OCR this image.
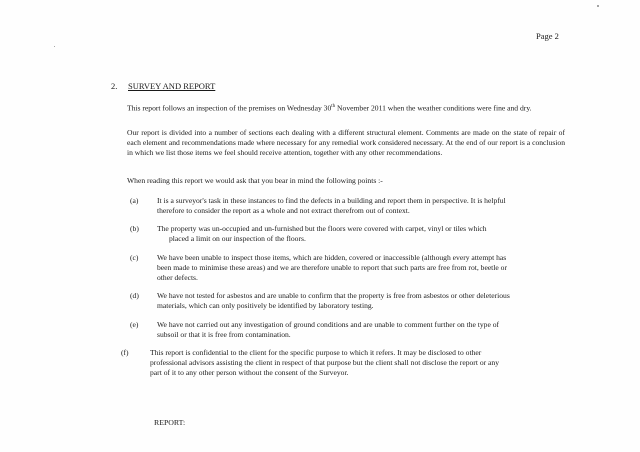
Page 2
2. SURVEY AND REPORT

This report follows an inspection of the premises on Wednesday 30th November 2011 when the weather conditions were fine and dry.

Our report is divided into a number of sections each dealing with a different structural element. Comments are made on the state of repair of each element and recommendations made where necessary for any remedial work considered necessary. At the end of our report is a conclusion in which we list those items we feel should receive attention, together with any other recommendations.

When reading this report we would ask that you bear in mind the following points :-

(a) It is a surveyor's task in these instances to find the defects in a building and report them in perspective. It is helpful
therefore to consider the report as a whole and not extract therefrom out of context.
(b) The property was un-occupied and un-furnished but the floors were covered with carpet, vinyl or tiles which
placed a limit on our inspection of the floors.
(c) We have been unable to inspect those items, which are hidden, covered or inaccessible (although every attempt has
been made to minimise these areas) and we are therefore unable to report that such parts are free from rot, beetle or
other defects.
(d) We have not tested for asbestos and are unable to confirm that the property is free from asbestos or other deleterious
materials, which can only positively be identified by laboratory testing.
(e) We have not carried out any investigation of ground conditions and are unable to comment further on the type of
subsoil or that it is free from contamination.
(f)	This report is confidential to the client for the specific purpose to which it refers. It may be disclosed to other
professional advisors assisting the client in respect of that purpose but the client shall not disclose the report or any
part of it to any other person without the consent of the Surveyor.
REPORT:
